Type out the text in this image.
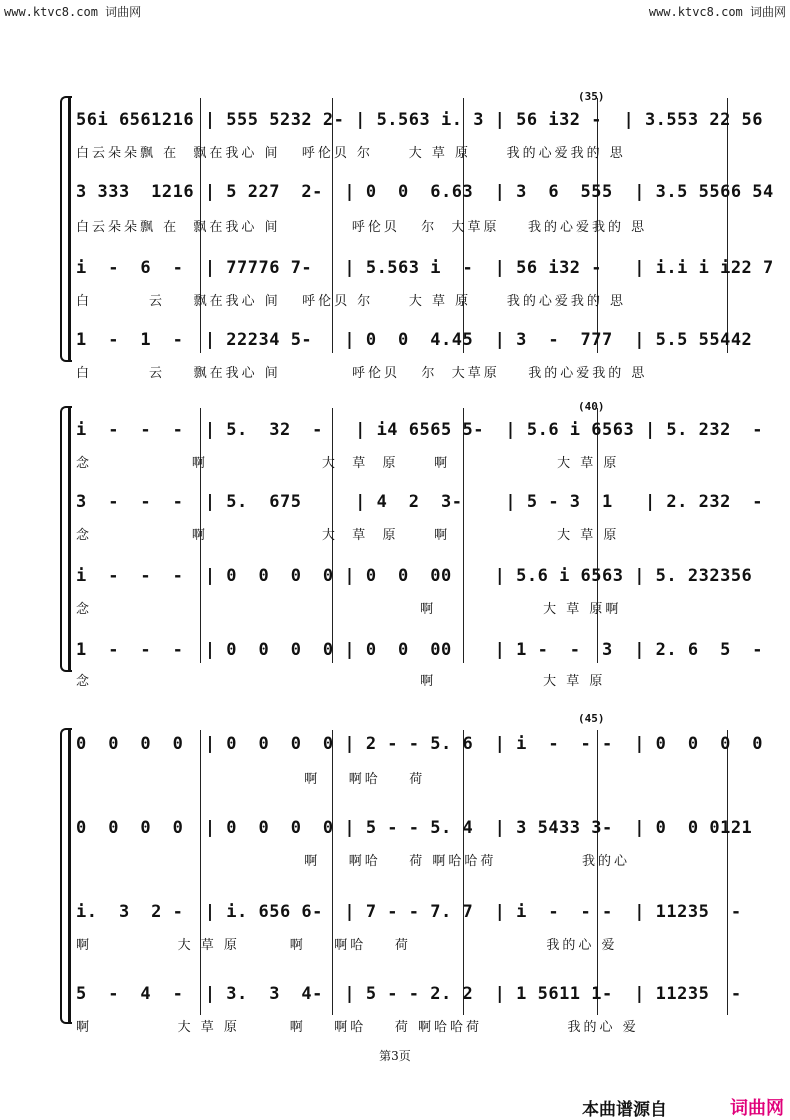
www.ktvc8.com 词曲网	www.ktvc8.com 词曲网
(35)
56i 6561216 | 555 5232 2- | 5.563 i. 3 | 56 i32 -  | 3.553 22 56
白云朵朵飘 在  飘在我心 间   呼伦贝 尔     大 草 原     我的心爱我的 思
3 333  1216 | 5 227  2-  | 0  0  6.63  | 3  6  555  | 3.5 5566 54
白云朵朵飘 在  飘在我心 间          呼伦贝   尔  大草原    我的心爱我的 思
i  -  6  -  | 77776 7-   | 5.563 i  -  | 56 i32 -   | i.i i i22 7
白        云    飘在我心 间   呼伦贝 尔     大 草 原     我的心爱我的 思
1  -  1  -  | 22234 5-   | 0  0  4.45  | 3  -  777  | 5.5 55442
白        云    飘在我心 间          呼伦贝   尔  大草原    我的心爱我的 思
(40)
i  -  -  -  | 5.  32  -   | i4 6565 5-  | 5.6 i 6563 | 5. 232  -
念              啊                大  草  原     啊               大 草 原
3  -  -  -  | 5.  675     | 4  2  3-    | 5 - 3  1   | 2. 232  -
念              啊                大  草  原     啊               大 草 原
i  -  -  -  | 0  0  0  0 | 0  0  00    | 5.6 i 6563 | 5. 232356
念                                              啊               大 草 原啊
1  -  -  -  | 0  0  0  0 | 0  0  00    | 1 -  -  3  | 2. 6  5  -
念                                              啊               大 草 原
(45)
0  0  0  0  | 0  0  0  0 | 2 - - 5. 6  | i  -  - -  | 0  0  0  0
啊    啊哈    荷
0  0  0  0  | 0  0  0  0 | 5 - - 5. 4  | 3 5433 3-  | 0  0 0121
啊    啊哈    荷 啊哈哈荷            我的心
i.  3  2 -  | i. 656 6-  | 7 - - 7. 7  | i  -  - -  | 11235  -
啊            大 草 原       啊    啊哈    荷                   我的心 爱
5  -  4  -  | 3.  3  4-  | 5 - - 2. 2  | 1 5611 1-  | 11235  -
啊            大 草 原       啊    啊哈    荷 啊哈哈荷            我的心 爱
第3页
本曲谱源自	词曲网
